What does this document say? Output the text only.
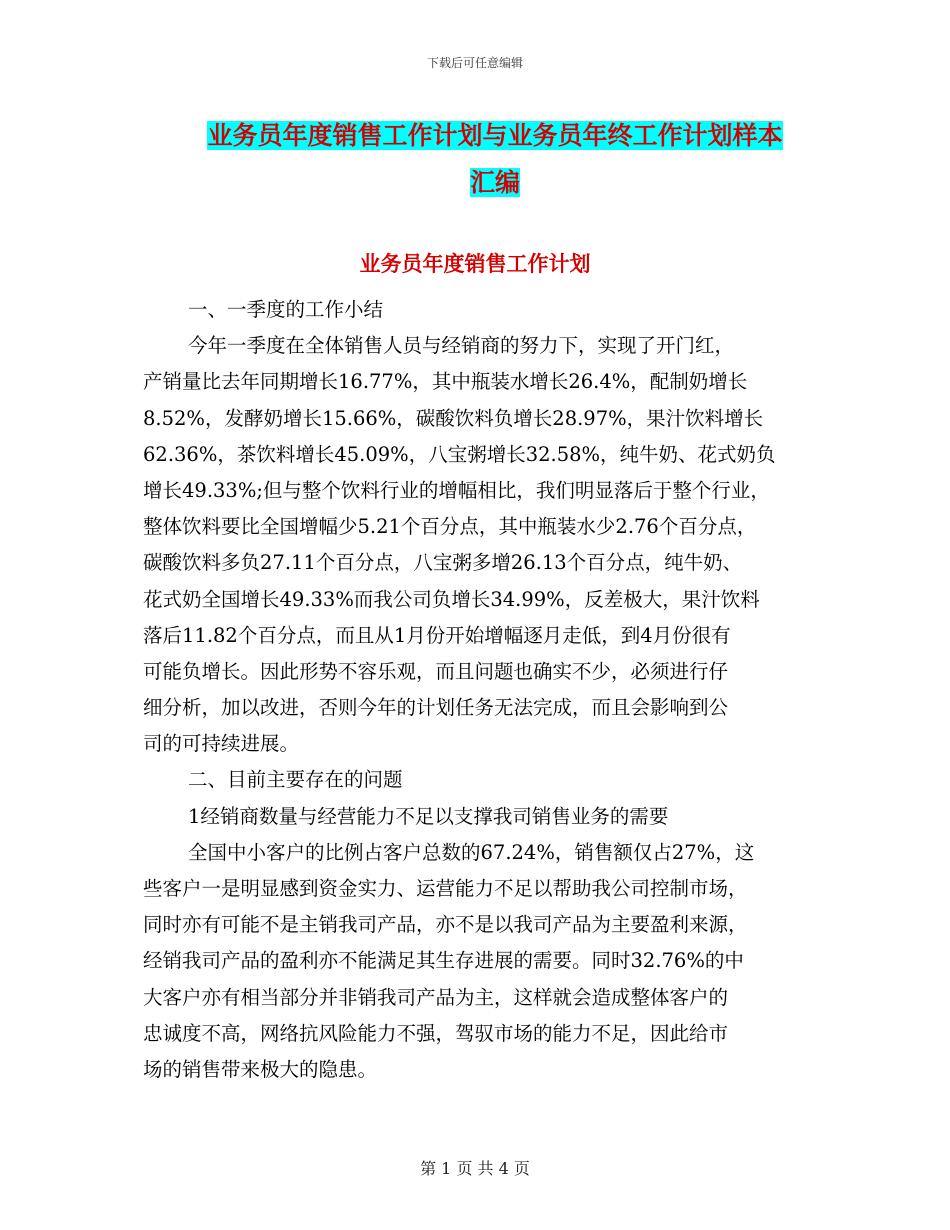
下载后可任意编辑
业务员年度销售工作计划与业务员年终工作计划样本
汇编
业务员年度销售工作计划
一、一季度的工作小结
今年一季度在全体销售人员与经销商的努力下，实现了开门红，
产销量比去年同期增长16.77%，其中瓶装水增长26.4%，配制奶增长
8.52%，发酵奶增长15.66%，碳酸饮料负增长28.97%，果汁饮料增长
62.36%，茶饮料增长45.09%，八宝粥增长32.58%，纯牛奶、花式奶负
增长49.33%;但与整个饮料行业的增幅相比，我们明显落后于整个行业，
整体饮料要比全国增幅少5.21个百分点，其中瓶装水少2.76个百分点，
碳酸饮料多负27.11个百分点，八宝粥多增26.13个百分点，纯牛奶、
花式奶全国增长49.33%而我公司负增长34.99%，反差极大，果汁饮料
落后11.82个百分点，而且从1月份开始增幅逐月走低，到4月份很有
可能负增长。因此形势不容乐观，而且问题也确实不少，必须进行仔
细分析，加以改进，否则今年的计划任务无法完成，而且会影响到公
司的可持续进展。
二、目前主要存在的问题
1经销商数量与经营能力不足以支撑我司销售业务的需要
全国中小客户的比例占客户总数的67.24%，销售额仅占27%，这
些客户一是明显感到资金实力、运营能力不足以帮助我公司控制市场，
同时亦有可能不是主销我司产品，亦不是以我司产品为主要盈利来源，
经销我司产品的盈利亦不能满足其生存进展的需要。同时32.76%的中
大客户亦有相当部分并非销我司产品为主，这样就会造成整体客户的
忠诚度不高，网络抗风险能力不强，驾驭市场的能力不足，因此给市
场的销售带来极大的隐患。
第 1 页 共 4 页
